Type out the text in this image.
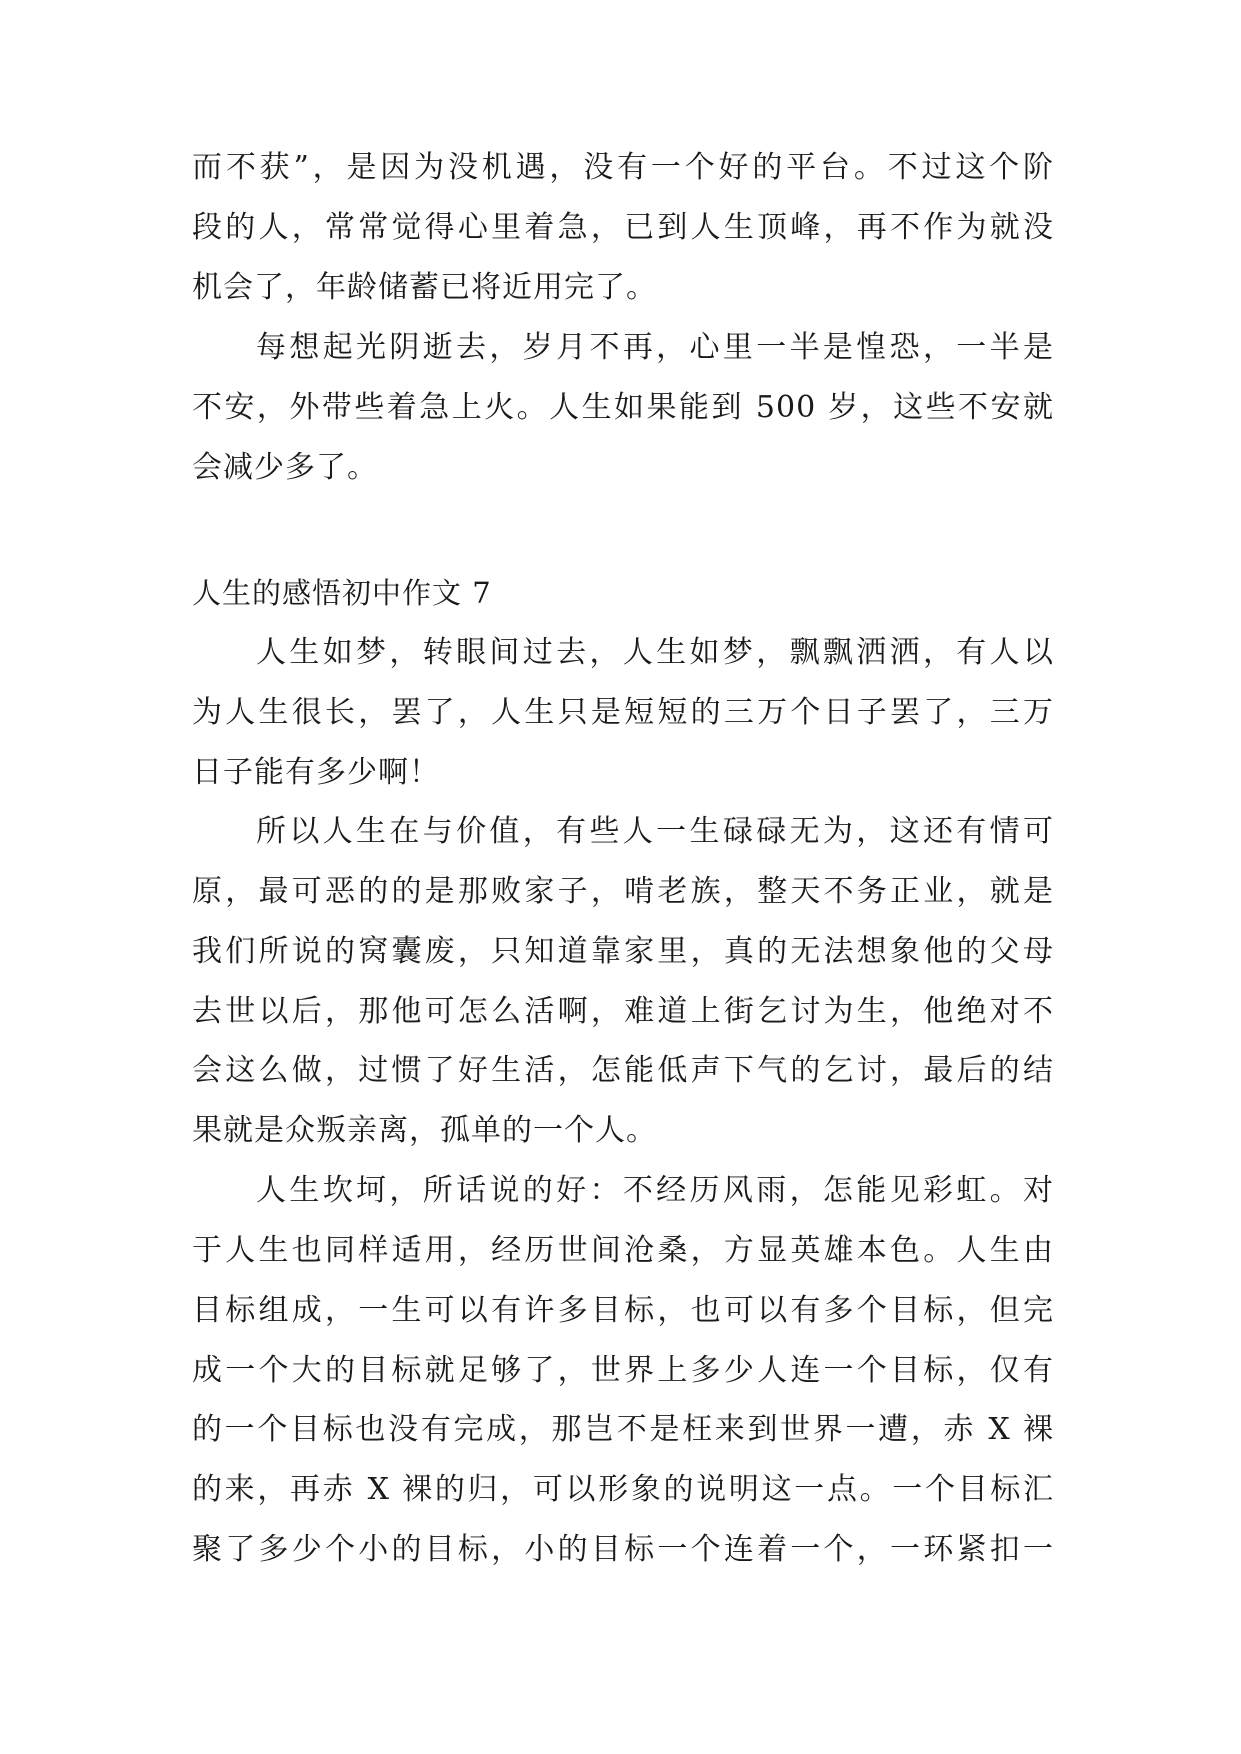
而不获”，是因为没机遇，没有一个好的平台。不过这个阶
段的人，常常觉得心里着急，已到人生顶峰，再不作为就没
机会了，年龄储蓄已将近用完了。
每想起光阴逝去，岁月不再，心里一半是惶恐，一半是
不安，外带些着急上火。人生如果能到 500 岁，这些不安就
会减少多了。
人生的感悟初中作文 7
人生如梦，转眼间过去，人生如梦，飘飘洒洒，有人以
为人生很长，罢了，人生只是短短的三万个日子罢了，三万
日子能有多少啊！
所以人生在与价值，有些人一生碌碌无为，这还有情可
原，最可恶的的是那败家子，啃老族，整天不务正业，就是
我们所说的窝囊废，只知道靠家里，真的无法想象他的父母
去世以后，那他可怎么活啊，难道上街乞讨为生，他绝对不
会这么做，过惯了好生活，怎能低声下气的乞讨，最后的结
果就是众叛亲离，孤单的一个人。
人生坎坷，所话说的好：不经历风雨，怎能见彩虹。对
于人生也同样适用，经历世间沧桑，方显英雄本色。人生由
目标组成，一生可以有许多目标，也可以有多个目标，但完
成一个大的目标就足够了，世界上多少人连一个目标，仅有
的一个目标也没有完成，那岂不是枉来到世界一遭，赤 X 裸
的来，再赤 X 裸的归，可以形象的说明这一点。一个目标汇
聚了多少个小的目标，小的目标一个连着一个，一环紧扣一
